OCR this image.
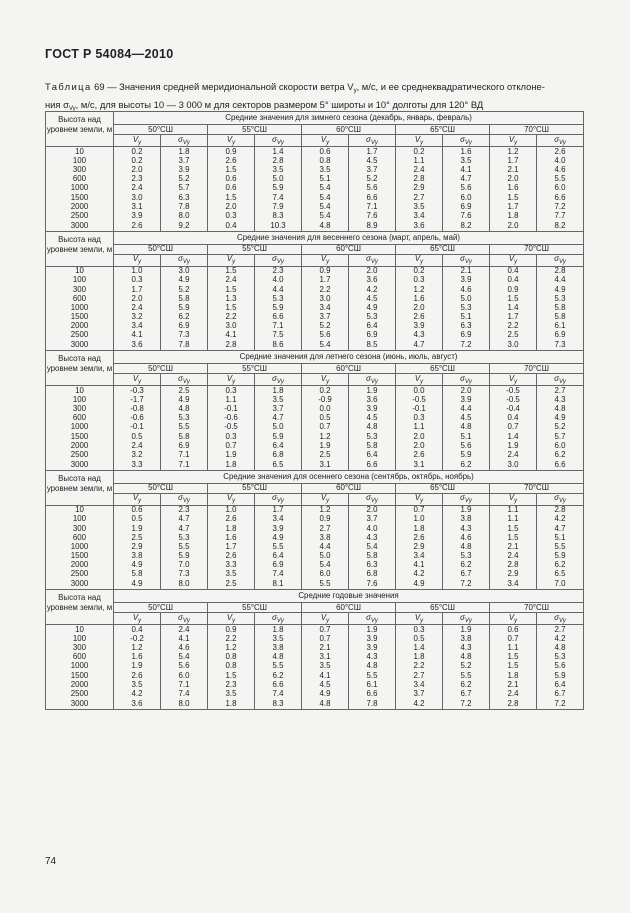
ГОСТ Р 54084—2010
Таблица 69 — Значения средней меридиональной скорости ветра $V_y$, м/с, и ее среднеквадратического отклоне-
ния $\sigma_{Vy}$, м/с, для высоты 10 — 3 000 м для секторов размером 5° широты и 10° долготы для 120° ВД
Высота над уровнем земли, м	Средние значения для зимнего сезона (декабрь, январь, февраль)									
	50°СШ		55°СШ		60°СШ		65°СШ		70°СШ	
	$V_y$	$\sigma_{Vy}$	$V_y$	$\sigma_{Vy}$	$V_y$	$\sigma_{Vy}$	$V_y$	$\sigma_{Vy}$	$V_y$	$\sigma_{Vy}$
10	0.2	1.8	0.9	1.4	0.6	1.7	0.2	1.6	1.2	2.6
100	0.2	3.7	2.6	2.8	0.8	4.5	1.1	3.5	1.7	4.0
300	2.0	3.9	1.5	3.5	3.5	3.7	2.4	4.1	2.1	4.6
600	2.3	5.2	0.6	5.0	5.1	5.2	2.8	4.7	2.0	5.5
1000	2.4	5.7	0.6	5.9	5.4	5.6	2.9	5.6	1.6	6.0
1500	3.0	6.3	1.5	7.4	5.4	6.6	2.7	6.0	1.5	6.6
2000	3.1	7.8	2.0	7.9	5.4	7.1	3.5	6.9	1.7	7.2
2500	3.9	8.0	0.3	8.3	5.4	7.6	3.4	7.6	1.8	7.7
3000	2.6	9.2	0.4	10.3	4.8	8.9	3.6	8.2	2.0	8.2
Высота над уровнем земли, м	Средние значения для весеннего сезона (март, апрель, май)									
	50°СШ		55°СШ		60°СШ		65°СШ		70°СШ	
	$V_y$	$\sigma_{Vy}$	$V_y$	$\sigma_{Vy}$	$V_y$	$\sigma_{Vy}$	$V_y$	$\sigma_{Vy}$	$V_y$	$\sigma_{Vy}$
10	1.0	3.0	1.5	2.3	0.9	2.0	0.2	2.1	0.4	2.8
100	0.3	4.9	2.4	4.0	1.7	3.6	0.3	3.9	0.4	4.4
300	1.7	5.2	1.5	4.4	2.2	4.2	1.2	4.6	0.9	4.9
600	2.0	5.8	1.3	5.3	3.0	4.5	1.6	5.0	1.5	5.3
1000	2.4	5.9	1.5	5.9	3.4	4.9	2.0	5.3	1.4	5.8
1500	3.2	6.2	2.2	6.6	3.7	5.3	2.6	5.1	1.7	5.8
2000	3.4	6.9	3.0	7.1	5.2	6.4	3.9	6.3	2.2	6.1
2500	4.1	7.3	4.1	7.5	5.6	6.9	4.3	6.9	2.5	6.9
3000	3.6	7.8	2.8	8.6	5.4	8.5	4.7	7.2	3.0	7.3
Высота над уровнем земли, м	Средние значения для летнего сезона (июнь, июль, август)									
	50°СШ		55°СШ		60°СШ		65°СШ		70°СШ	
	$V_y$	$\sigma_{Vy}$	$V_y$	$\sigma_{Vy}$	$V_y$	$\sigma_{Vy}$	$V_y$	$\sigma_{Vy}$	$V_y$	$\sigma_{Vy}$
10	-0.3	2.5	0.3	1.8	0.2	1.9	0.0	2.0	-0.5	2.7
100	-1.7	4.9	1.1	3.5	-0.9	3.6	-0.5	3.9	-0.5	4.3
300	-0.8	4.8	-0.1	3.7	0.0	3.9	-0.1	4.4	-0.4	4.8
600	-0.6	5.3	-0.6	4.7	0.5	4.5	0.3	4.5	0.4	4.9
1000	-0.1	5.5	-0.5	5.0	0.7	4.8	1.1	4.8	0.7	5.2
1500	0.5	5.8	0.3	5.9	1.2	5.3	2.0	5.1	1.4	5.7
2000	2.4	6.9	0.7	6.4	1.9	5.8	2.0	5.6	1.9	6.0
2500	3.2	7.1	1.9	6.8	2.5	6.4	2.6	5.9	2.4	6.2
3000	3.3	7.1	1.8	6.5	3.1	6.6	3.1	6.2	3.0	6.6
Высота над уровнем земли, м	Средние значения для осеннего сезона (сентябрь, октябрь, ноябрь)									
	50°СШ		55°СШ		60°СШ		65°СШ		70°СШ	
	$V_y$	$\sigma_{Vy}$	$V_y$	$\sigma_{Vy}$	$V_y$	$\sigma_{Vy}$	$V_y$	$\sigma_{Vy}$	$V_y$	$\sigma_{Vy}$
10	0.6	2.3	1.0	1.7	1.2	2.0	0.7	1.9	1.1	2.8
100	0.5	4.7	2.6	3.4	0.9	3.7	1.0	3.8	1.1	4.2
300	1.9	4.7	1.8	3.9	2.7	4.0	1.8	4.3	1.5	4.7
600	2.5	5.3	1.6	4.9	3.8	4.3	2.6	4.6	1.5	5.1
1000	2.9	5.5	1.7	5.5	4.4	5.4	2.9	4.8	2.1	5.5
1500	3.8	5.9	2.6	6.4	5.0	5.8	3.4	5.3	2.4	5.9
2000	4.9	7.0	3.3	6.9	5.4	6.3	4.1	6.2	2.8	6.2
2500	5.8	7.3	3.5	7.4	6.0	6.8	4.2	6.7	2.9	6.5
3000	4.9	8.0	2.5	8.1	5.5	7.6	4.9	7.2	3.4	7.0
Высота над уровнем земли, м	Средние годовые значения									
	50°СШ		55°СШ		60°СШ		65°СШ		70°СШ	
	$V_y$	$\sigma_{Vy}$	$V_y$	$\sigma_{Vy}$	$V_y$	$\sigma_{Vy}$	$V_y$	$\sigma_{Vy}$	$V_y$	$\sigma_{Vy}$
10	0.4	2.4	0.9	1.8	0.7	1.9	0.3	1.9	0.6	2.7
100	-0.2	4.1	2.2	3.5	0.7	3.9	0.5	3.8	0.7	4.2
300	1.2	4.6	1.2	3.8	2.1	3.9	1.4	4.3	1.1	4.8
600	1.6	5.4	0.8	4.8	3.1	4.3	1.8	4.8	1.5	5.3
1000	1.9	5.6	0.8	5.5	3.5	4.8	2.2	5.2	1.5	5.6
1500	2.6	6.0	1.5	6.2	4.1	5.5	2.7	5.5	1.8	5.9
2000	3.5	7.1	2.3	6.6	4.5	6.1	3.4	6.2	2.1	6.4
2500	4.2	7.4	3.5	7.4	4.9	6.6	3.7	6.7	2.4	6.7
3000	3.6	8.0	1.8	8.3	4.8	7.8	4.2	7.2	2.8	7.2
74
